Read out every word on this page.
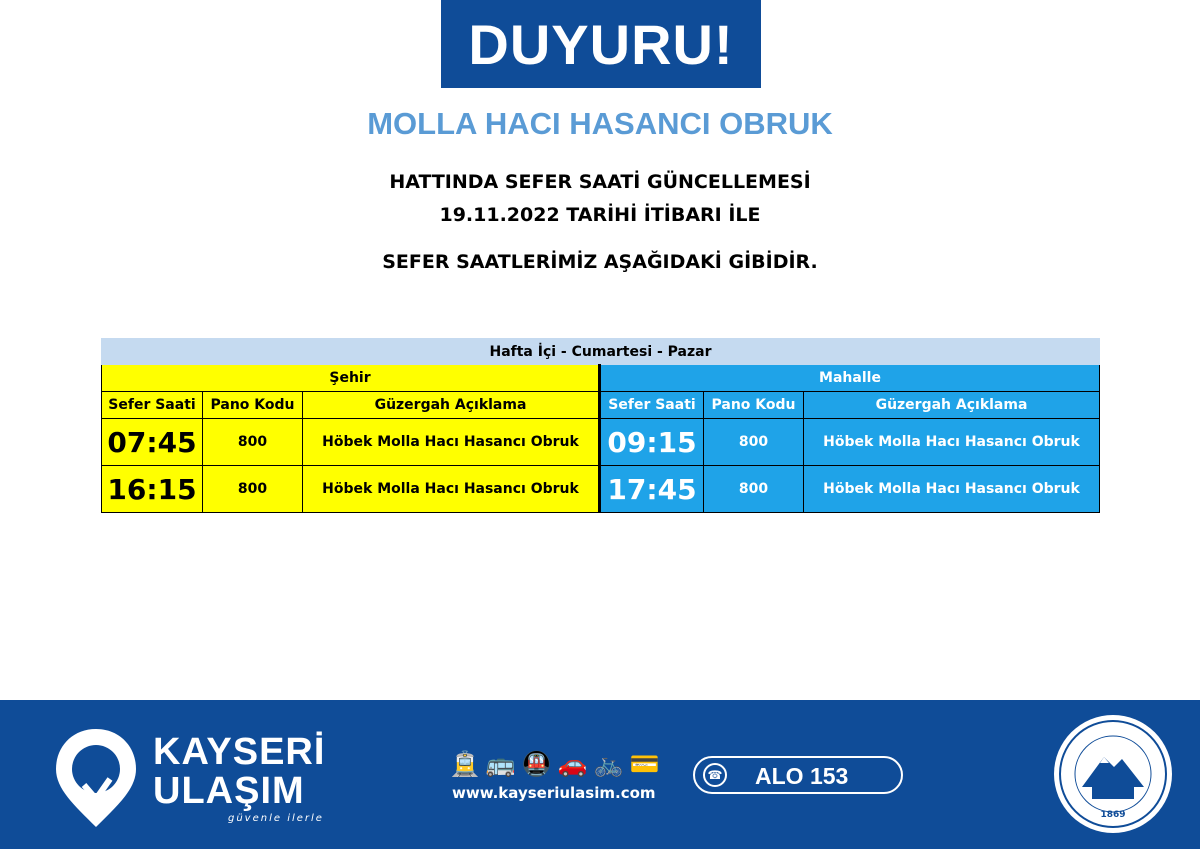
DUYURU!
MOLLA HACI HASANCI OBRUK
HATTINDA SEFER SAATİ GÜNCELLEMESİ
19.11.2022 TARİHİ İTİBARI İLE
SEFER SAATLERİMİZ AŞAĞIDAKİ GİBİDİR.
Hafta İçi - Cumartesi - Pazar					
Şehir			Mahalle		
Sefer Saati	Pano Kodu	Güzergah Açıklama	Sefer Saati	Pano Kodu	Güzergah Açıklama
07:45	800	Höbek Molla Hacı Hasancı Obruk	09:15	800	Höbek Molla Hacı Hasancı Obruk
16:15	800	Höbek Molla Hacı Hasancı Obruk	17:45	800	Höbek Molla Hacı Hasancı Obruk
KAYSERİ
ULAŞIM
güvenle ilerle
🚊 🚌 🚇 🚗 🚲 💳
www.kayseriulasim.com
☎ ALO 153
1869
